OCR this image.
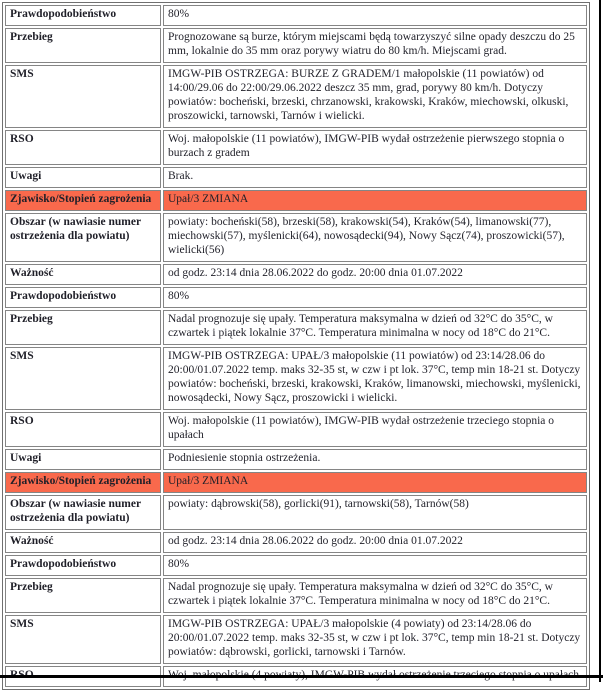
Prawdopodobieństwo	80%
Przebieg	Prognozowane są burze, którym miejscami będą towarzyszyć silne opady deszczu do 25 mm, lokalnie do 35 mm oraz porywy wiatru do 80 km/h. Miejscami grad.
SMS	IMGW-PIB OSTRZEGA: BURZE Z GRADEM/1 małopolskie (11 powiatów) od 14:00/29.06 do 22:00/29.06.2022 deszcz 35 mm, grad, porywy 80 km/h. Dotyczy powiatów: bocheński, brzeski, chrzanowski, krakowski, Kraków, miechowski, olkuski, proszowicki, tarnowski, Tarnów i wielicki.
RSO	Woj. małopolskie (11 powiatów), IMGW-PIB wydał ostrzeżenie pierwszego stopnia o burzach z gradem
Uwagi	Brak.
Zjawisko/Stopień zagrożenia	Upał/3 ZMIANA
Obszar (w nawiasie numer ostrzeżenia dla powiatu)	powiaty: bocheński(58), brzeski(58), krakowski(54), Kraków(54), limanowski(77), miechowski(57), myślenicki(64), nowosądecki(94), Nowy Sącz(74), proszowicki(57), wielicki(56)
Ważność	od godz. 23:14 dnia 28.06.2022 do godz. 20:00 dnia 01.07.2022
Prawdopodobieństwo	80%
Przebieg	Nadal prognozuje się upały. Temperatura maksymalna w dzień od 32°C do 35°C, w czwartek i piątek lokalnie 37°C. Temperatura minimalna w nocy od 18°C do 21°C.
SMS	IMGW-PIB OSTRZEGA: UPAŁ/3 małopolskie (11 powiatów) od 23:14/28.06 do 20:00/01.07.2022 temp. maks 32-35 st, w czw i pt lok. 37°C, temp min 18-21 st. Dotyczy powiatów: bocheński, brzeski, krakowski, Kraków, limanowski, miechowski, myślenicki, nowosądecki, Nowy Sącz, proszowicki i wielicki.
RSO	Woj. małopolskie (11 powiatów), IMGW-PIB wydał ostrzeżenie trzeciego stopnia o upałach
Uwagi	Podniesienie stopnia ostrzeżenia.
Zjawisko/Stopień zagrożenia	Upał/3 ZMIANA
Obszar (w nawiasie numer ostrzeżenia dla powiatu)	powiaty: dąbrowski(58), gorlicki(91), tarnowski(58), Tarnów(58)
Ważność	od godz. 23:14 dnia 28.06.2022 do godz. 20:00 dnia 01.07.2022
Prawdopodobieństwo	80%
Przebieg	Nadal prognozuje się upały. Temperatura maksymalna w dzień od 32°C do 35°C, w czwartek i piątek lokalnie 37°C. Temperatura minimalna w nocy od 18°C do 21°C.
SMS	IMGW-PIB OSTRZEGA: UPAŁ/3 małopolskie (4 powiaty) od 23:14/28.06 do 20:00/01.07.2022 temp. maks 32-35 st, w czw i pt lok. 37°C, temp min 18-21 st. Dotyczy powiatów: dąbrowski, gorlicki, tarnowski i Tarnów.
